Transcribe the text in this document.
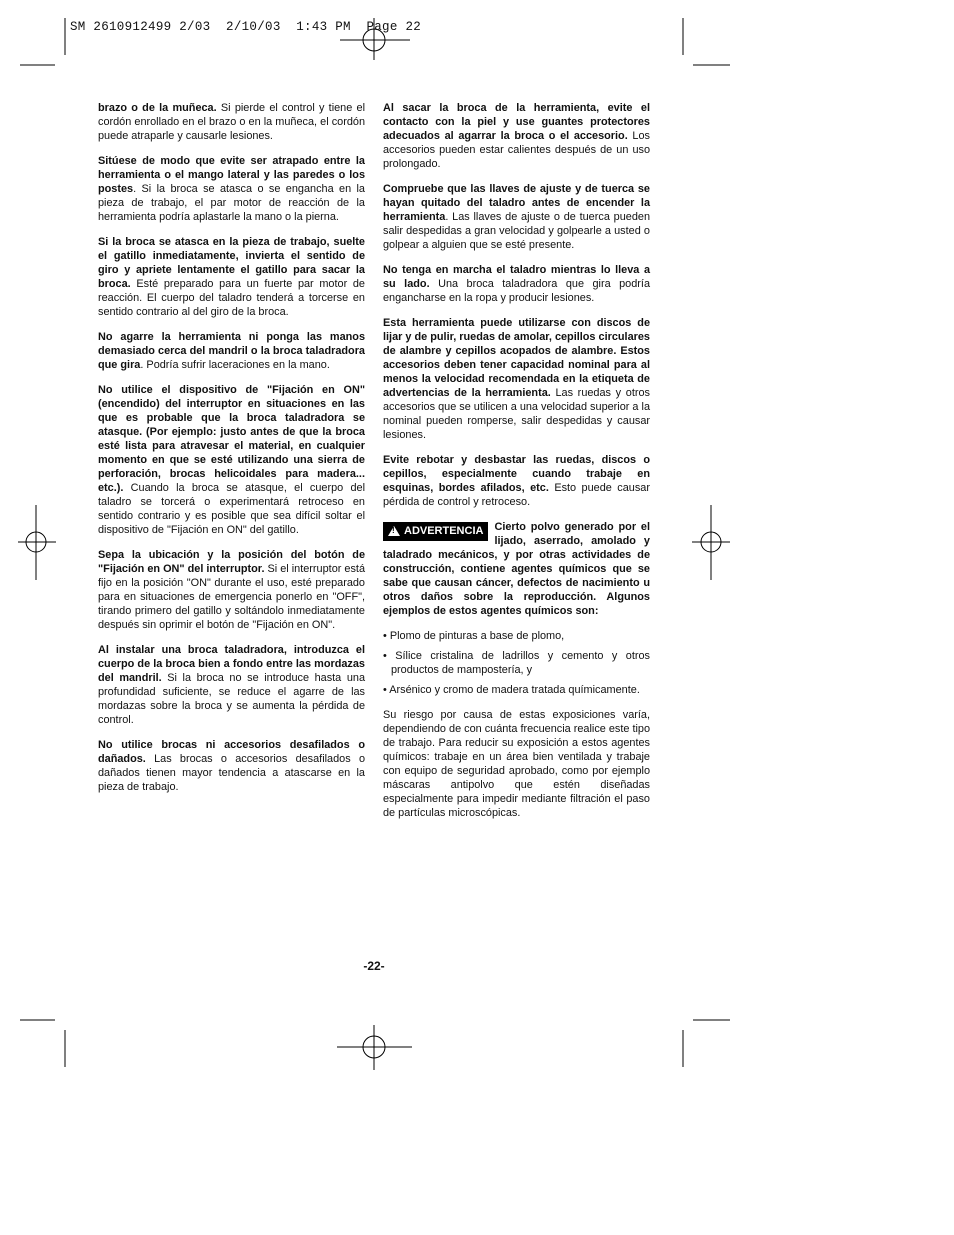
SM 2610912499 2/03  2/10/03  1:43 PM  Page 22

brazo o de la muñeca. Si pierde el control y tiene el cordón enrollado en el brazo o en la muñeca, el cordón puede atraparle y causarle lesiones.

Sitúese de modo que evite ser atrapado entre la herramienta o el mango lateral y las paredes o los postes. Si la broca se atasca o se engancha en la pieza de trabajo, el par motor de reacción de la herramienta podría aplastarle la mano o la pierna.

Si la broca se atasca en la pieza de trabajo, suelte el gatillo inmediatamente, invierta el sentido de giro y apriete lentamente el gatillo para sacar la broca. Esté preparado para un fuerte par motor de reacción. El cuerpo del taladro tenderá a torcerse en sentido contrario al del giro de la broca.

No agarre la herramienta ni ponga las manos demasiado cerca del mandril o la broca taladradora que gira. Podría sufrir laceraciones en la mano.

No utilice el dispositivo de "Fijación en ON" (encendido) del interruptor en situaciones en las que es probable que la broca taladradora se atasque. (Por ejemplo: justo antes de que la broca esté lista para atravesar el material, en cualquier momento en que se esté utilizando una sierra de perforación, brocas helicoidales para madera... etc.). Cuando la broca se atasque, el cuerpo del taladro se torcerá o experimentará retroceso en sentido contrario y es posible que sea difícil soltar el dispositivo de "Fijación en ON" del gatillo.

Sepa la ubicación y la posición del botón de "Fijación en ON" del interruptor. Si el interruptor está fijo en la posición "ON" durante el uso, esté preparado para en situaciones de emergencia ponerlo en "OFF", tirando primero del gatillo y soltándolo inmediatamente después sin oprimir el botón de "Fijación en ON".

Al instalar una broca taladradora, introduzca el cuerpo de la broca bien a fondo entre las mordazas del mandril. Si la broca no se introduce hasta una profundidad suficiente, se reduce el agarre de las mordazas sobre la broca y se aumenta la pérdida de control.

No utilice brocas ni accesorios desafilados o dañados. Las brocas o accesorios desafilados o dañados tienen mayor tendencia a atascarse en la pieza de trabajo.

Al sacar la broca de la herramienta, evite el contacto con la piel y use guantes protectores adecuados al agarrar la broca o el accesorio. Los accesorios pueden estar calientes después de un uso prolongado.

Compruebe que las llaves de ajuste y de tuerca se hayan quitado del taladro antes de encender la herramienta. Las llaves de ajuste o de tuerca pueden salir despedidas a gran velocidad y golpearle a usted o golpear a alguien que se esté presente.

No tenga en marcha el taladro mientras lo lleva a su lado. Una broca taladradora que gira podría engancharse en la ropa y producir lesiones.

Esta herramienta puede utilizarse con discos de lijar y de pulir, ruedas de amolar, cepillos circulares de alambre y cepillos acopados de alambre. Estos accesorios deben tener capacidad nominal para al menos la velocidad recomendada en la etiqueta de advertencias de la herramienta. Las ruedas y otros accesorios que se utilicen a una velocidad superior a la nominal pueden romperse, salir despedidas y causar lesiones.

Evite rebotar y desbastar las ruedas, discos o cepillos, especialmente cuando trabaje en esquinas, bordes afilados, etc. Esto puede causar pérdida de control y retroceso.

!
ADVERTENCIA Cierto polvo generado por el lijado, aserrado, amolado y taladrado mecánicos, y por otras actividades de construcción, contiene agentes químicos que se sabe que causan cáncer, defectos de nacimiento u otros daños sobre la reproducción. Algunos ejemplos de estos agentes químicos son:

• Plomo de pinturas a base de plomo,
• Sílice cristalina de ladrillos y cemento y otros productos de mampostería, y
• Arsénico y cromo de madera tratada químicamente.

Su riesgo por causa de estas exposiciones varía, dependiendo de con cuánta frecuencia realice este tipo de trabajo. Para reducir su exposición a estos agentes químicos: trabaje en un área bien ventilada y trabaje con equipo de seguridad aprobado, como por ejemplo máscaras antipolvo que estén diseñadas especialmente para impedir mediante filtración el paso de partículas microscópicas.

-22-
